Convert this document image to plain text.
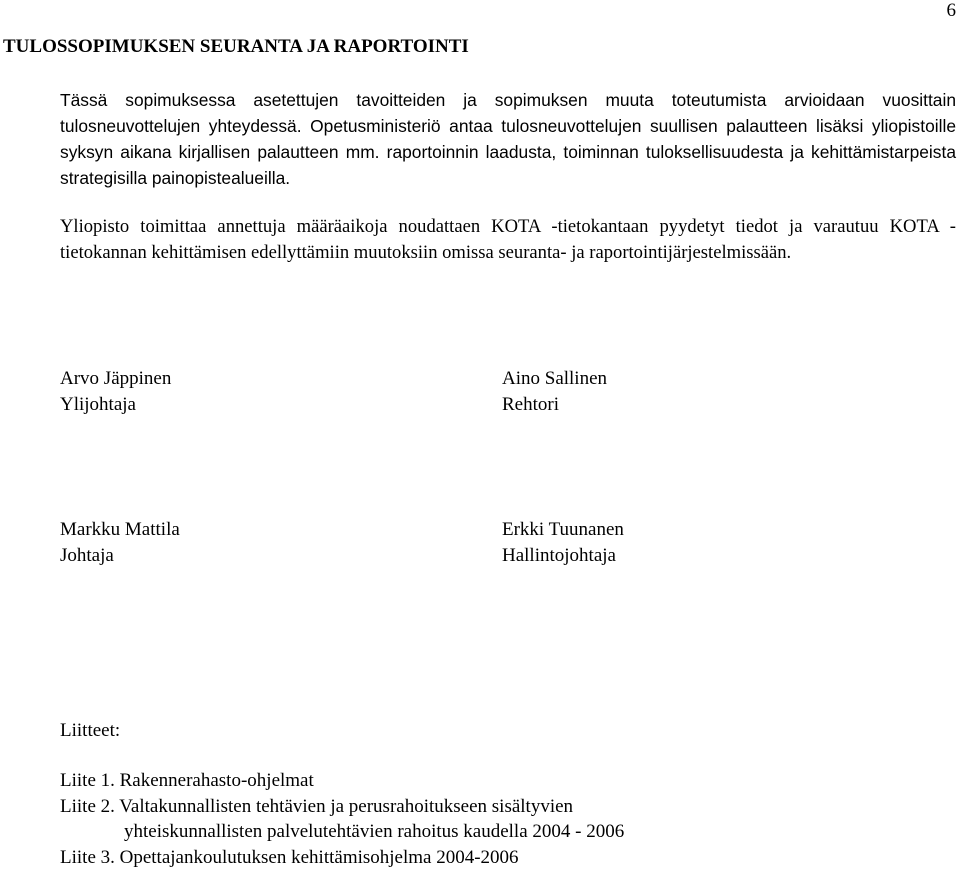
6
TULOSSOPIMUKSEN SEURANTA JA RAPORTOINTI

Tässä sopimuksessa asetettujen tavoitteiden ja sopimuksen muuta toteutumista arvioidaan vuosittain tulosneuvottelujen yhteydessä. Opetusministeriö antaa tulosneuvottelujen suullisen palautteen lisäksi yliopistoille syksyn aikana kirjallisen palautteen mm. raportoinnin laadusta, toiminnan tuloksellisuudesta ja kehittämistarpeista strategisilla painopistealueilla.

Yliopisto toimittaa annettuja määräaikoja noudattaen KOTA -tietokantaan pyydetyt tiedot ja varautuu KOTA -tietokannan kehittämisen edellyttämiin muutoksiin omissa seuranta- ja raportointijärjestelmissään.

Arvo Jäppinen
Ylijohtaja
Aino Sallinen
Rehtori
Markku Mattila
Johtaja
Erkki Tuunanen
Hallintojohtaja
Liitteet:
Liite 1. Rakennerahasto-ohjelmat
Liite 2. Valtakunnallisten tehtävien ja perusrahoitukseen sisältyvien
yhteiskunnallisten palvelutehtävien rahoitus kaudella 2004 - 2006
Liite 3. Opettajankoulutuksen kehittämisohjelma 2004-2006
